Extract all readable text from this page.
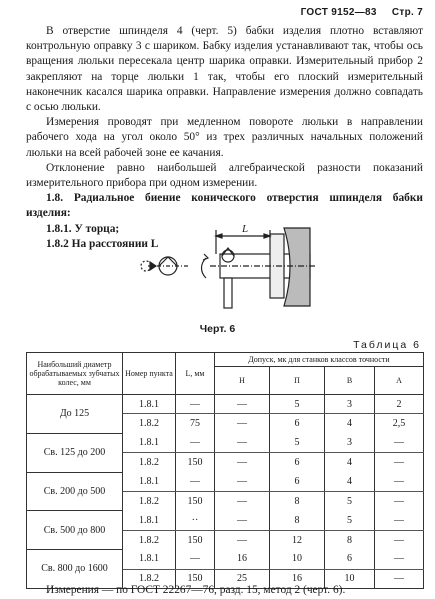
ГОСТ 9152—83 Стр. 7

В отверстие шпинделя 4 (черт. 5) бабки изделия плотно вставляют контрольную оправку 3 с шариком. Бабку изделия устанавливают так, чтобы ось вращения люльки пересекала центр шарика оправки. Измерительный прибор 2 закрепляют на торце люльки 1 так, чтобы его плоский измерительный наконечник касался шарика оправки. Направление измерения должно совпадать с осью люльки.

Измерения проводят при медленном повороте люльки в направлении рабочего хода на угол около 50° из трех различных начальных положений люльки на всей рабочей зоне ее качания.

Отклонение равно наибольшей алгебраической разности показаний измерительного прибора при одном измерении.

1.8. Радиальное биение конического отверстия шпинделя бабки изделия:

1.8.1. У торца;

1.8.2 На расстоянии L

L
Черт. 6
Таблица 6
Наибольший диаметр обрабатываемых зубчатых колес, мм	Номер пункта	L, мм	Допуск, мк для станков классов точности			
			Н	П	В	А
До 125	1.8.1	—	—	5	3	2
	1.8.2	75	—	6	4	2,5
Св. 125 до 200	1.8.1	—	—	5	3	—
	1.8.2	150	—	6	4	—
Св. 200 до 500	1.8.1	—	—	6	4	—
	1.8.2	150	—	8	5	—
Св. 500 до 800	1.8.1	··	—	8	5	—
	1.8.2	150	—	12	8	—
Св. 800 до 1600	1.8.1	—	16	10	6	—
	1.8.2	150	25	16	10	—

Измерения — по ГОСТ 22267—76, разд. 15, метод 2 (черт. 6).
